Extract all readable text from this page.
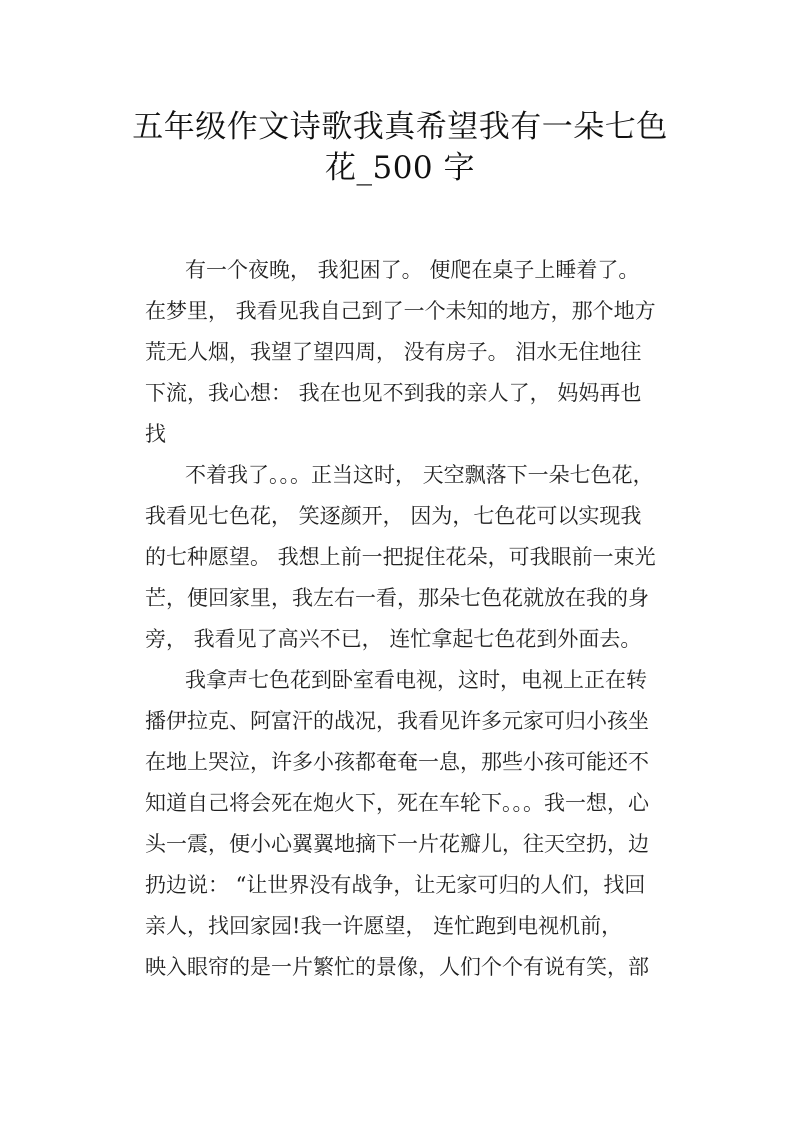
五年级作文诗歌我真希望我有一朵七色
花_500 字
有一个夜晚， 我犯困了。 便爬在桌子上睡着了。
在梦里， 我看见我自己到了一个未知的地方，那个地方
荒无人烟，我望了望四周， 没有房子。 泪水无住地往
下流，我心想： 我在也见不到我的亲人了， 妈妈再也
找
不着我了。。。正当这时， 天空飘落下一朵七色花，
我看见七色花， 笑逐颜开， 因为，七色花可以实现我
的七种愿望。 我想上前一把捉住花朵，可我眼前一束光
芒，便回家里，我左右一看，那朵七色花就放在我的身
旁， 我看见了高兴不已， 连忙拿起七色花到外面去。
我拿声七色花到卧室看电视，这时，电视上正在转
播伊拉克、阿富汗的战况，我看见许多元家可归小孩坐
在地上哭泣，许多小孩都奄奄一息，那些小孩可能还不
知道自己将会死在炮火下，死在车轮下。。。我一想，心
头一震，便小心翼翼地摘下一片花瓣儿，往天空扔，边
扔边说： “让世界没有战争，让无家可归的人们，找回
亲人，找回家园!我一许愿望， 连忙跑到电视机前，
映入眼帘的是一片繁忙的景像，人们个个有说有笑，部
